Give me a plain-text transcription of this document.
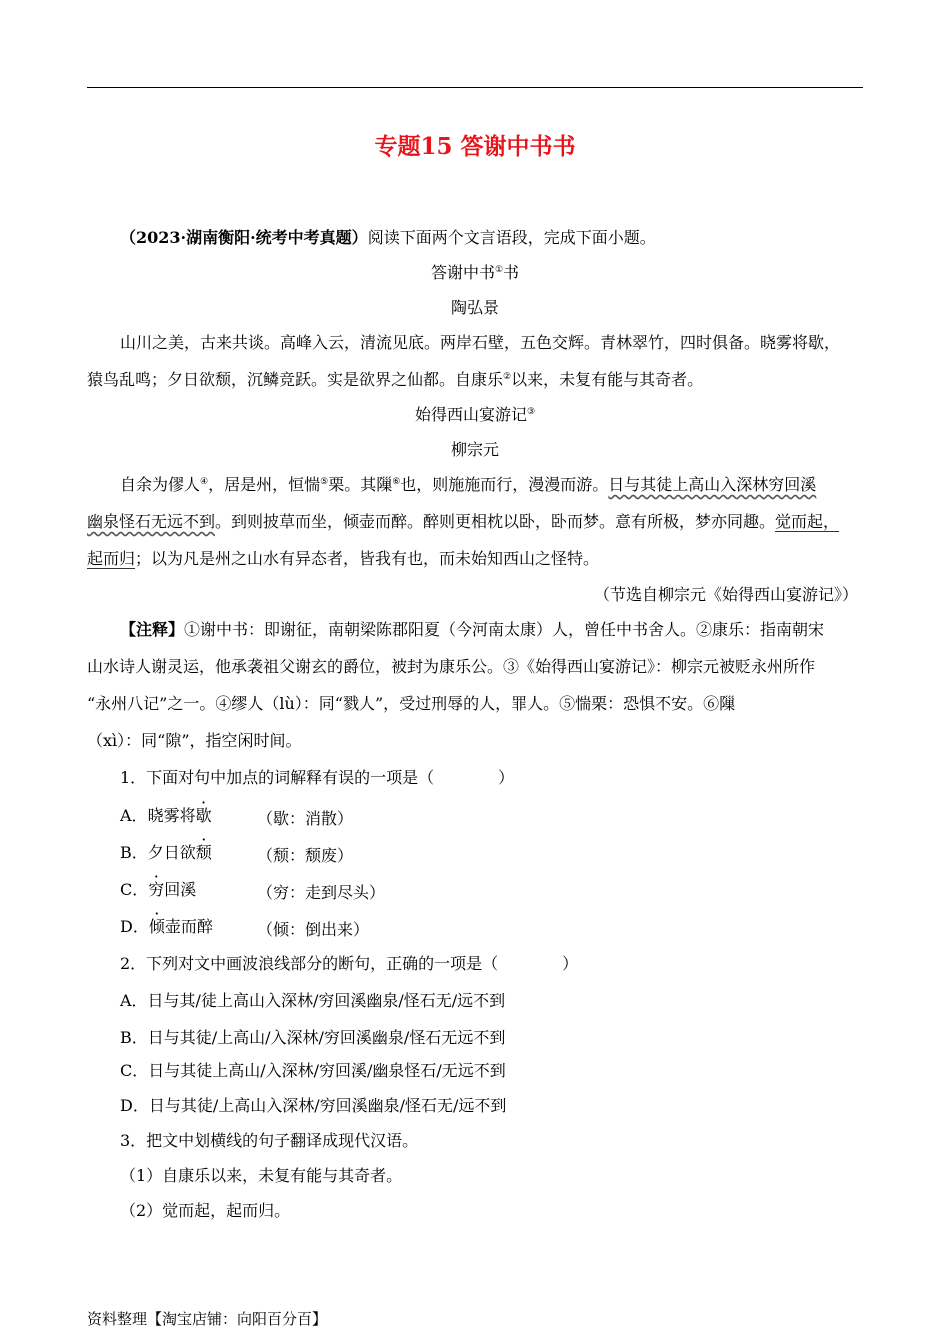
专题15 答谢中书书
（2023·湖南衡阳·统考中考真题）阅读下面两个文言语段，完成下面小题。
答谢中书①书
陶弘景
山川之美，古来共谈。高峰入云，清流见底。两岸石壁，五色交辉。青林翠竹，四时俱备。晓雾将歇，
猿鸟乱鸣；夕日欲颓，沉鳞竞跃。实是欲界之仙都。自康乐②以来，未复有能与其奇者。
始得西山宴游记③
柳宗元
自余为僇人④，居是州，恒惴⑤栗。其隟⑥也，则施施而行，漫漫而游。日与其徒上高山入深林穷回溪
幽泉怪石无远不到。到则披草而坐，倾壶而醉。醉则更相枕以卧，卧而梦。意有所极，梦亦同趣。觉而起，
起而归；以为凡是州之山水有异态者，皆我有也，而未始知西山之怪特。
（节选自柳宗元《始得西山宴游记》）
【注释】①谢中书：即谢征，南朝梁陈郡阳夏（今河南太康）人，曾任中书舍人。②康乐：指南朝宋
山水诗人谢灵运，他承袭祖父谢玄的爵位，被封为康乐公。③《始得西山宴游记》：柳宗元被贬永州所作
“永州八记”之一。④缪人（lù）：同“戮人”，受过刑辱的人，罪人。⑤惴栗：恐惧不安。⑥隟
（xì）：同“隙”，指空闲时间。
1．下面对句中加点的词解释有误的一项是（　　　　）
A．晓雾将歇	（歇：消散）
B．夕日欲颓	（颓：颓废）
C．穷回溪	（穷：走到尽头）
D．倾壶而醉	（倾：倒出来）
2．下列对文中画波浪线部分的断句，正确的一项是（　　　　）
A．日与其/徒上高山入深林/穷回溪幽泉/怪石无/远不到
B．日与其徒/上高山/入深林/穷回溪幽泉/怪石无远不到
C．日与其徒上高山/入深林/穷回溪/幽泉怪石/无远不到
D．日与其徒/上高山入深林/穷回溪幽泉/怪石无/远不到
3．把文中划横线的句子翻译成现代汉语。
（1）自康乐以来，未复有能与其奇者。
（2）觉而起，起而归。
资料整理【淘宝店铺：向阳百分百】
